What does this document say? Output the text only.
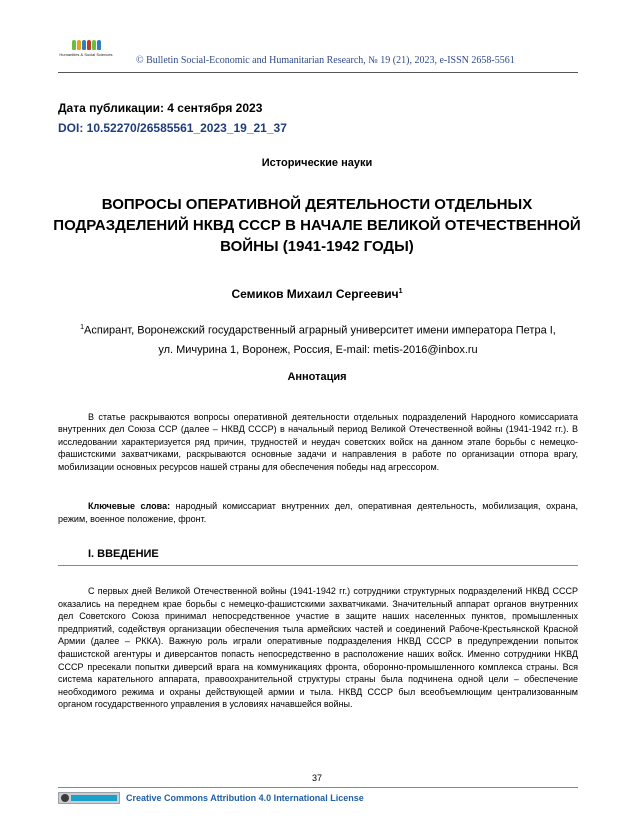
Humanities & Social Sciences
© Bulletin Social-Economic and Humanitarian Research, № 19 (21), 2023, e-ISSN 2658-5561
Дата публикации: 4 сентября 2023
DOI: 10.52270/26585561_2023_19_21_37
Исторические науки
ВОПРОСЫ ОПЕРАТИВНОЙ ДЕЯТЕЛЬНОСТИ ОТДЕЛЬНЫХ
ПОДРАЗДЕЛЕНИЙ НКВД СССР В НАЧАЛЕ ВЕЛИКОЙ ОТЕЧЕСТВЕННОЙ
ВОЙНЫ (1941-1942 ГОДЫ)
Семиков Михаил Сергеевич$^1$
$^1$Аспирант, Воронежский государственный аграрный университет имени императора Петра I,
ул. Мичурина 1, Воронеж, Россия, E-mail: metis-2016@inbox.ru
Аннотация

В статье раскрываются вопросы оперативной деятельности отдельных подразделений Народного комиссариата внутренних дел Союза ССР (далее – НКВД СССР) в начальный период Великой Отечественной войны (1941-1942 гг.). В исследовании характеризуется ряд причин, трудностей и неудач советских войск на данном этапе борьбы с немецко-фашистскими захватчиками, раскрываются основные задачи и направления в работе по организации отпора врагу, мобилизации основных ресурсов нашей страны для обеспечения победы над агрессором.

Ключевые слова: народный комиссариат внутренних дел, оперативная деятельность, мобилизация, охрана, режим, военное положение, фронт.

I. ВВЕДЕНИЕ

С первых дней Великой Отечественной войны (1941-1942 гг.) сотрудники структурных подразделений НКВД СССР оказались на переднем крае борьбы с немецко-фашистскими захватчиками. Значительный аппарат органов внутренних дел Советского Союза принимал непосредственное участие в защите наших населенных пунктов, промышленных предприятий, содействуя организации обеспечения тыла армейских частей и соединений Рабоче-Крестьянской Красной Армии (далее – РККА). Важную роль играли оперативные подразделения НКВД СССР в предупреждении попыток фашистской агентуры и диверсантов попасть непосредственно в расположение наших войск. Именно сотрудники НКВД СССР пресекали попытки диверсий врага на коммуникациях фронта, оборонно-промышленного комплекса страны. Вся система карательного аппарата, правоохранительной структуры страны была подчинена одной цели – обеспечение необходимого режима и охраны действующей армии и тыла. НКВД СССР был всеобъемлющим централизованным органом государственного управления в условиях начавшейся войны.

37
Creative Commons Attribution 4.0 International License
